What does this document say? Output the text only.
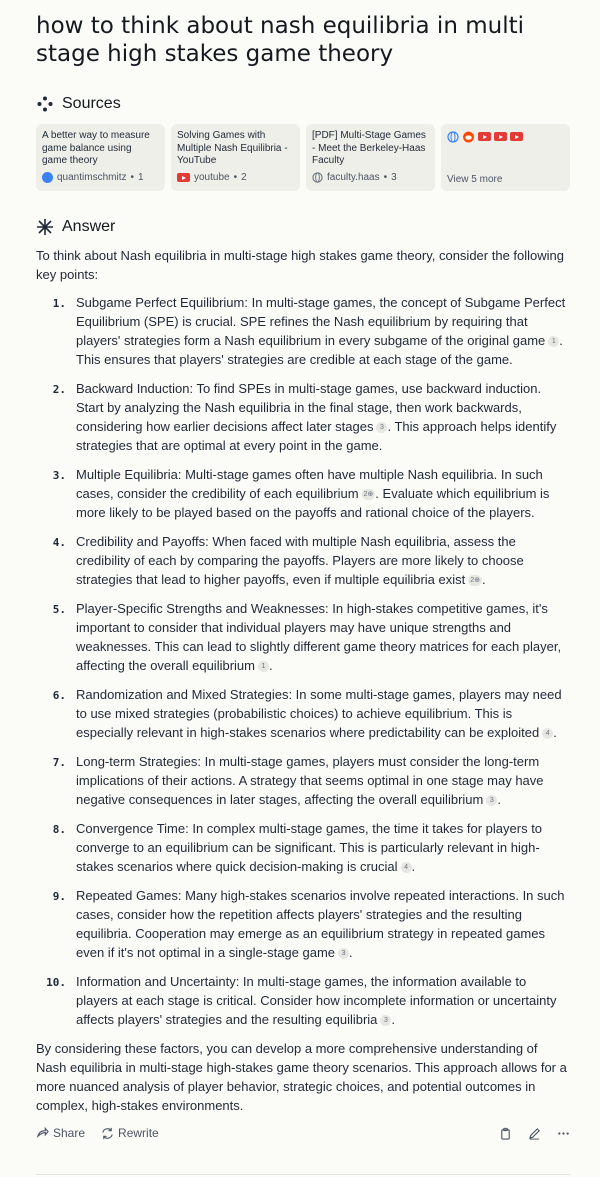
how to think about nash equilibria in multi stage high stakes game theory
Sources
A better way to measure game balance using game theory
quantimschmitz • 1
Solving Games with Multiple Nash Equilibria - YouTube
youtube • 2
[PDF] Multi-Stage Games - Meet the Berkeley-Haas Faculty
faculty.haas • 3	View 5 more
Answer

To think about Nash equilibria in multi-stage high stakes game theory, consider the following key points:

1. Subgame Perfect Equilibrium: In multi-stage games, the concept of Subgame Perfect Equilibrium (SPE) is crucial. SPE refines the Nash equilibrium by requiring that players' strategies form a Nash equilibrium in every subgame of the original game 1 . This ensures that players' strategies are credible at each stage of the game.
2. Backward Induction: To find SPEs in multi-stage games, use backward induction. Start by analyzing the Nash equilibria in the final stage, then work backwards, considering how earlier decisions affect later stages 3 . This approach helps identify strategies that are optimal at every point in the game.
3. Multiple Equilibria: Multi-stage games often have multiple Nash equilibria. In such cases, consider the credibility of each equilibrium 2⊕ . Evaluate which equilibrium is more likely to be played based on the payoffs and rational choice of the players.
4. Credibility and Payoffs: When faced with multiple Nash equilibria, assess the credibility of each by comparing the payoffs. Players are more likely to choose strategies that lead to higher payoffs, even if multiple equilibria exist 2⊕ .
5. Player-Specific Strengths and Weaknesses: In high-stakes competitive games, it's important to consider that individual players may have unique strengths and weaknesses. This can lead to slightly different game theory matrices for each player, affecting the overall equilibrium 1 .
6. Randomization and Mixed Strategies: In some multi-stage games, players may need to use mixed strategies (probabilistic choices) to achieve equilibrium. This is especially relevant in high-stakes scenarios where predictability can be exploited 4 .
7. Long-term Strategies: In multi-stage games, players must consider the long-term implications of their actions. A strategy that seems optimal in one stage may have negative consequences in later stages, affecting the overall equilibrium 3 .
8. Convergence Time: In complex multi-stage games, the time it takes for players to converge to an equilibrium can be significant. This is particularly relevant in high-stakes scenarios where quick decision-making is crucial 4 .
9. Repeated Games: Many high-stakes scenarios involve repeated interactions. In such cases, consider how the repetition affects players' strategies and the resulting equilibria. Cooperation may emerge as an equilibrium strategy in repeated games even if it's not optimal in a single-stage game 3 .
10. Information and Uncertainty: In multi-stage games, the information available to players at each stage is critical. Consider how incomplete information or uncertainty affects players' strategies and the resulting equilibria 3 .

By considering these factors, you can develop a more comprehensive understanding of Nash equilibria in multi-stage high-stakes game theory scenarios. This approach allows for a more nuanced analysis of player behavior, strategic choices, and potential outcomes in complex, high-stakes environments.

Share	Rewrite
